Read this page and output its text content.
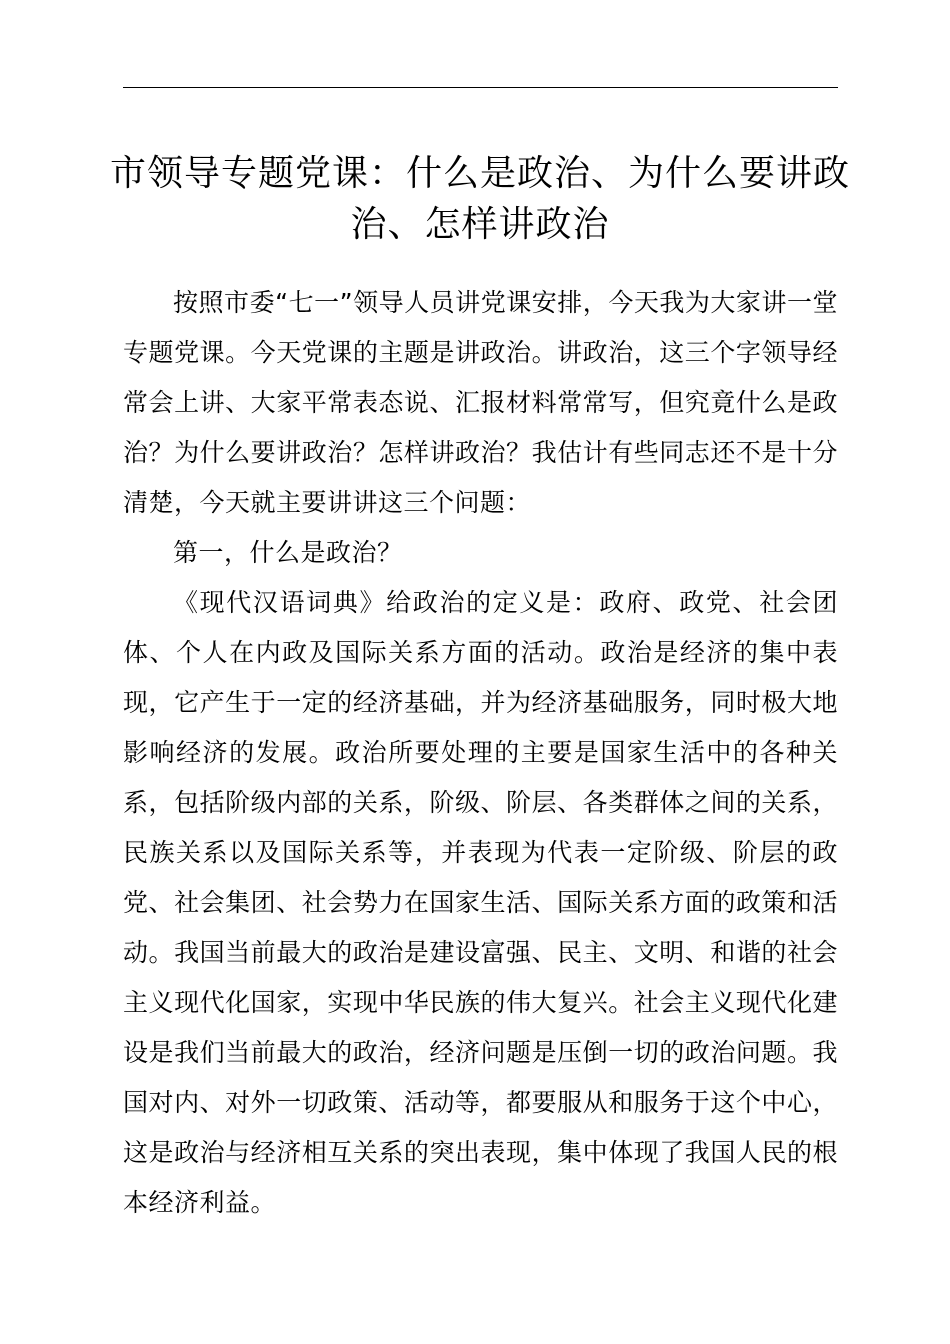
市领导专题党课：什么是政治、为什么要讲政
治、怎样讲政治

按照市委“七一”领导人员讲党课安排，今天我为大家讲一堂专题党课。今天党课的主题是讲政治。讲政治，这三个字领导经常会上讲、大家平常表态说、汇报材料常常写，但究竟什么是政治？为什么要讲政治？怎样讲政治？我估计有些同志还不是十分清楚，今天就主要讲讲这三个问题：

第一，什么是政治？

《现代汉语词典》给政治的定义是：政府、政党、社会团体、个人在内政及国际关系方面的活动。政治是经济的集中表现，它产生于一定的经济基础，并为经济基础服务，同时极大地影响经济的发展。政治所要处理的主要是国家生活中的各种关系，包括阶级内部的关系，阶级、阶层、各类群体之间的关系，民族关系以及国际关系等，并表现为代表一定阶级、阶层的政党、社会集团、社会势力在国家生活、国际关系方面的政策和活动。我国当前最大的政治是建设富强、民主、文明、和谐的社会主义现代化国家，实现中华民族的伟大复兴。社会主义现代化建设是我们当前最大的政治，经济问题是压倒一切的政治问题。我国对内、对外一切政策、活动等，都要服从和服务于这个中心，这是政治与经济相互关系的突出表现，集中体现了我国人民的根本经济利益。
